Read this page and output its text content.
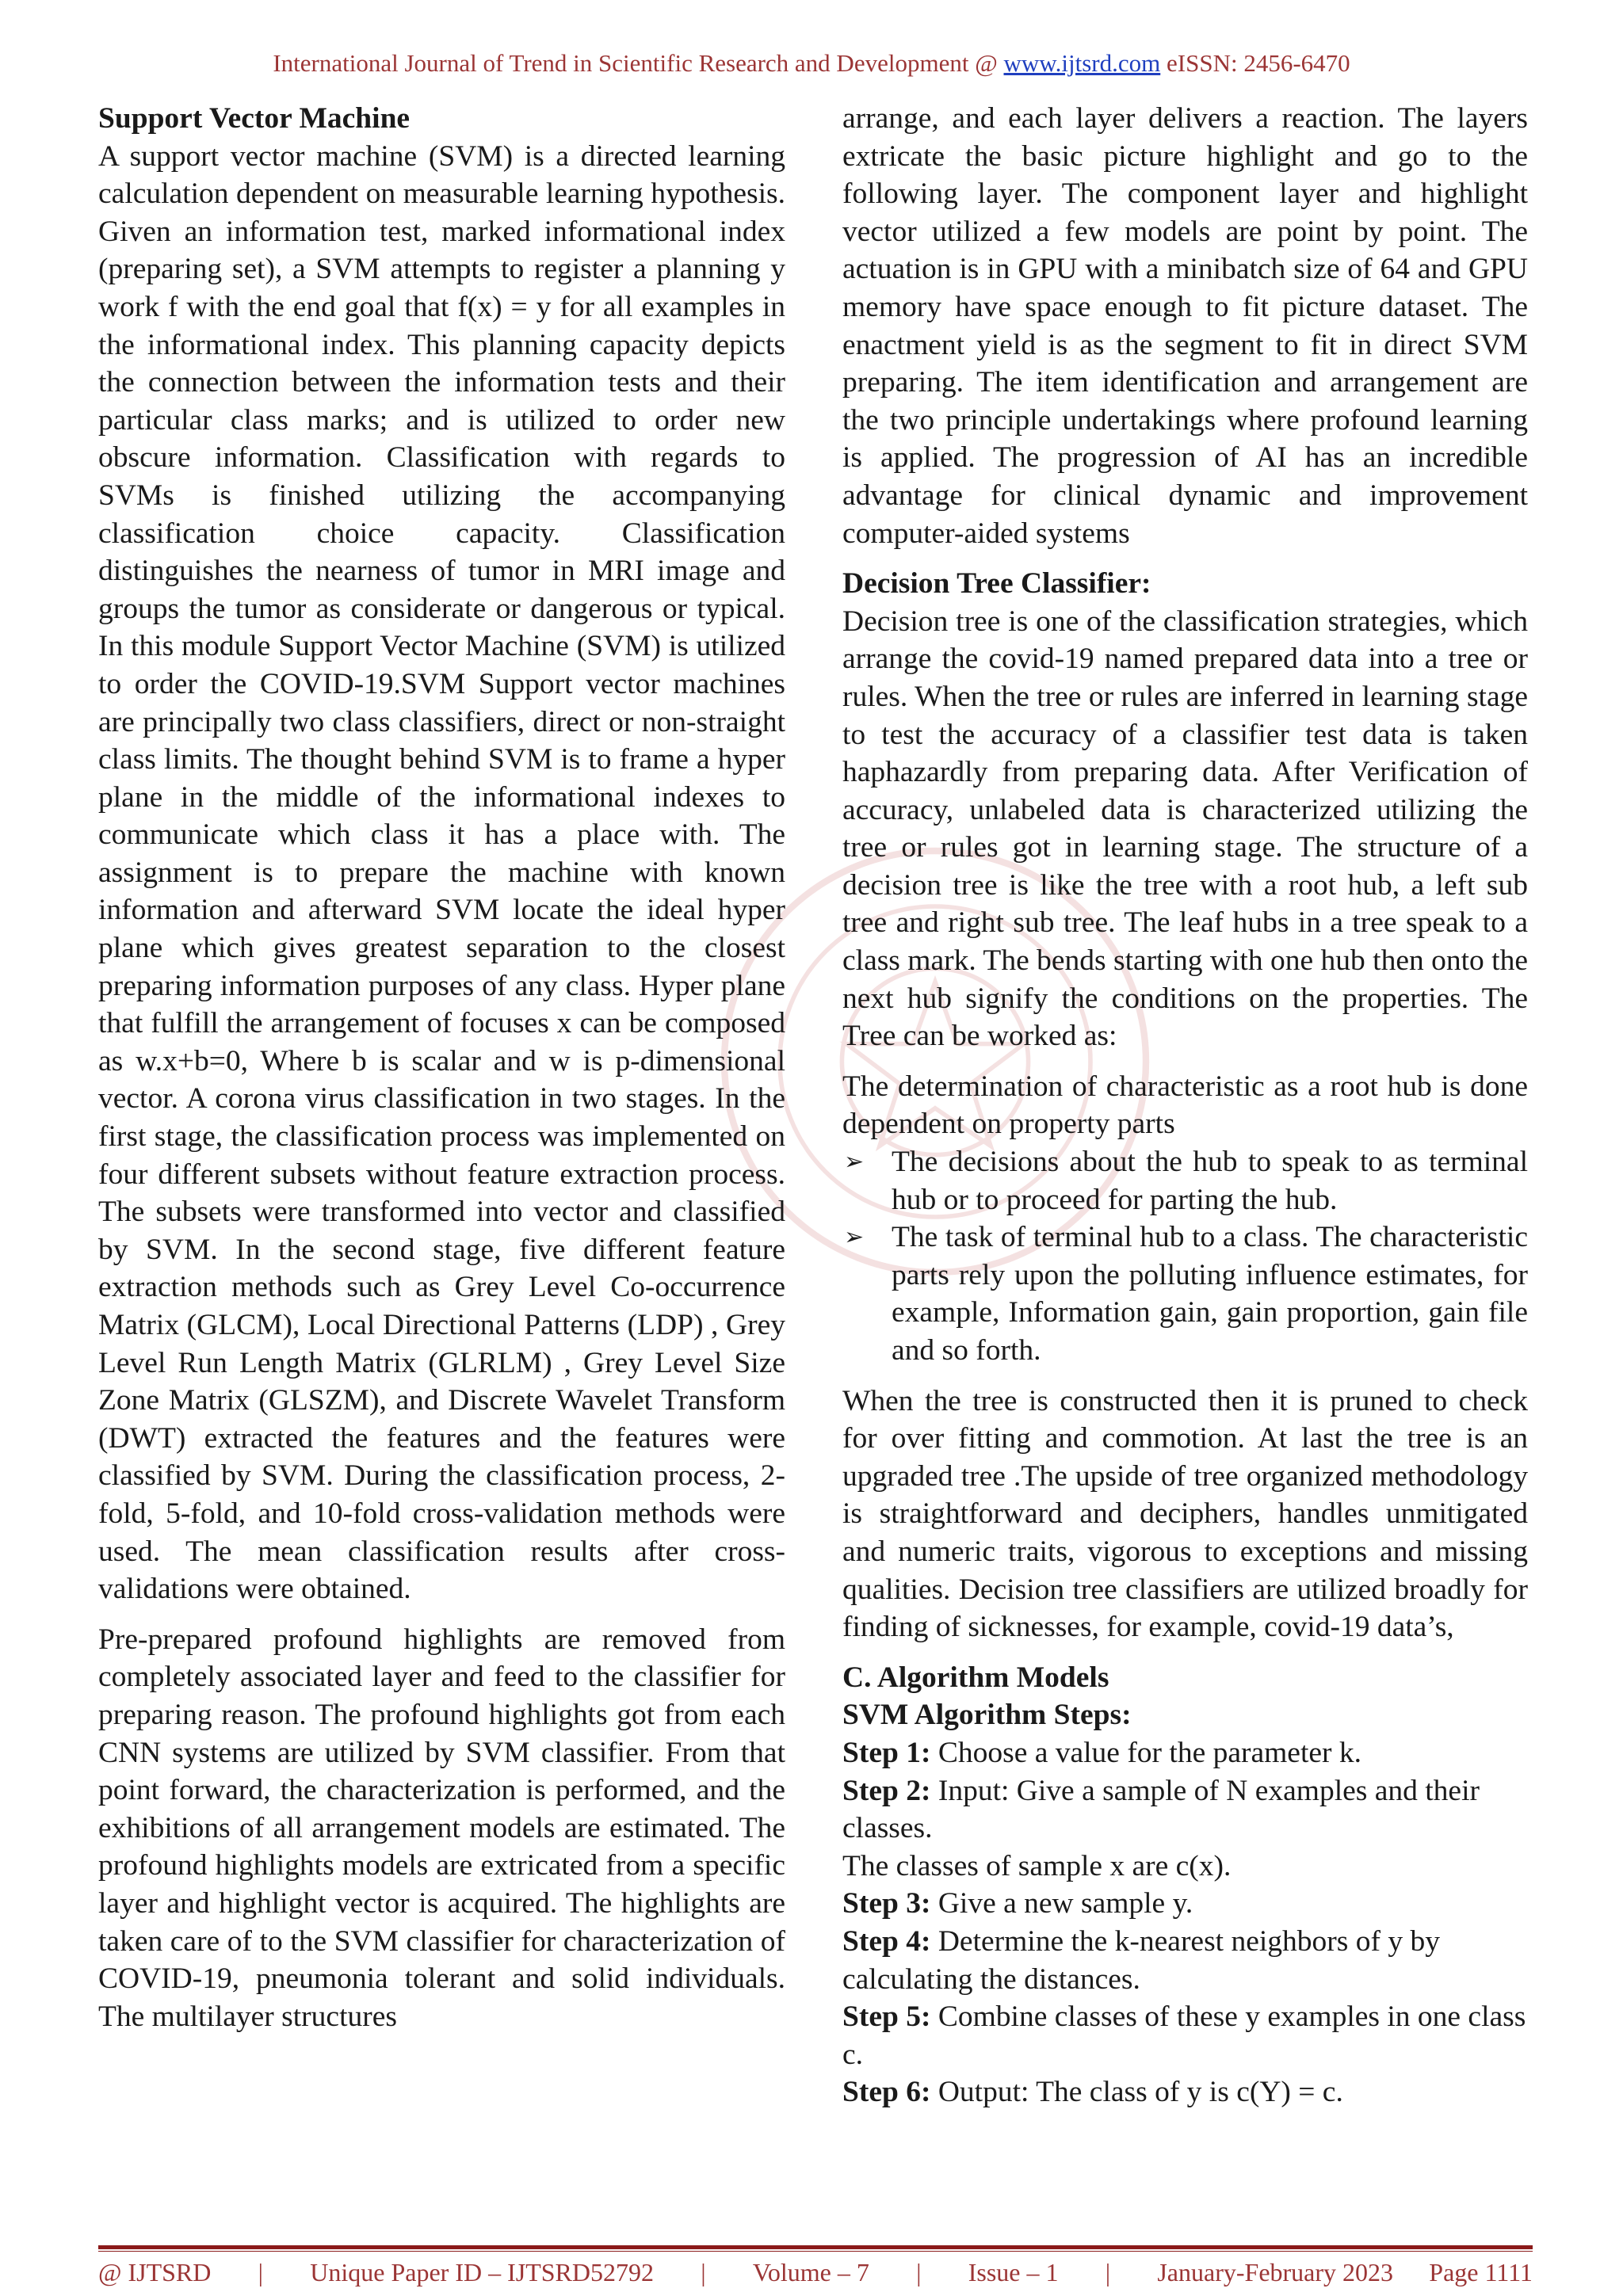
International Journal of Trend in Scientific Research and Development @ www.ijtsrd.com eISSN: 2456-6470
Support Vector Machine

A support vector machine (SVM) is a directed learning calculation dependent on measurable learning hypothesis. Given an information test, marked informational index (preparing set), a SVM attempts to register a planning y work f with the end goal that f(x) = y for all examples in the informational index. This planning capacity depicts the connection between the information tests and their particular class marks; and is utilized to order new obscure information. Classification with regards to SVMs is finished utilizing the accompanying classification choice capacity. Classification distinguishes the nearness of tumor in MRI image and groups the tumor as considerate or dangerous or typical. In this module Support Vector Machine (SVM) is utilized to order the COVID-19.SVM Support vector machines are principally two class classifiers, direct or non-straight class limits. The thought behind SVM is to frame a hyper plane in the middle of the informational indexes to communicate which class it has a place with. The assignment is to prepare the machine with known information and afterward SVM locate the ideal hyper plane which gives greatest separation to the closest preparing information purposes of any class. Hyper plane that fulfill the arrangement of focuses x can be composed as w.x+b=0, Where b is scalar and w is p-dimensional vector. A corona virus classification in two stages. In the first stage, the classification process was implemented on four different subsets without feature extraction process. The subsets were transformed into vector and classified by SVM. In the second stage, five different feature extraction methods such as Grey Level Co-occurrence Matrix (GLCM), Local Directional Patterns (LDP) , Grey Level Run Length Matrix (GLRLM) , Grey Level Size Zone Matrix (GLSZM), and Discrete Wavelet Transform (DWT) extracted the features and the features were classified by SVM. During the classification process, 2-fold, 5-fold, and 10-fold cross-validation methods were used. The mean classification results after cross-validations were obtained.

Pre-prepared profound highlights are removed from completely associated layer and feed to the classifier for preparing reason. The profound highlights got from each CNN systems are utilized by SVM classifier. From that point forward, the characterization is performed, and the exhibitions of all arrangement models are estimated. The profound highlights models are extricated from a specific layer and highlight vector is acquired. The highlights are taken care of to the SVM classifier for characterization of COVID-19, pneumonia tolerant and solid individuals. The multilayer structures

arrange, and each layer delivers a reaction. The layers extricate the basic picture highlight and go to the following layer. The component layer and highlight vector utilized a few models are point by point. The actuation is in GPU with a minibatch size of 64 and GPU memory have space enough to fit picture dataset. The enactment yield is as the segment to fit in direct SVM preparing. The item identification and arrangement are the two principle undertakings where profound learning is applied. The progression of AI has an incredible advantage for clinical dynamic and improvement computer-aided systems

Decision Tree Classifier:

Decision tree is one of the classification strategies, which arrange the covid-19 named prepared data into a tree or rules. When the tree or rules are inferred in learning stage to test the accuracy of a classifier test data is taken haphazardly from preparing data. After Verification of accuracy, unlabeled data is characterized utilizing the tree or rules got in learning stage. The structure of a decision tree is like the tree with a root hub, a left sub tree and right sub tree. The leaf hubs in a tree speak to a class mark. The bends starting with one hub then onto the next hub signify the conditions on the properties. The Tree can be worked as:

The determination of characteristic as a root hub is done dependent on property parts

➢ The decisions about the hub to speak to as terminal hub or to proceed for parting the hub.
➢ The task of terminal hub to a class. The characteristic parts rely upon the polluting influence estimates, for example, Information gain, gain proportion, gain file and so forth.

When the tree is constructed then it is pruned to check for over fitting and commotion. At last the tree is an upgraded tree .The upside of tree organized methodology is straightforward and deciphers, handles unmitigated and numeric traits, vigorous to exceptions and missing qualities. Decision tree classifiers are utilized broadly for finding of sicknesses, for example, covid-19 data’s,

C. Algorithm Models
SVM Algorithm Steps:

Step 1: Choose a value for the parameter k.

Step 2: Input: Give a sample of N examples and their classes.

The classes of sample x are c(x).

Step 3: Give a new sample y.

Step 4: Determine the k-nearest neighbors of y by calculating the distances.

Step 5: Combine classes of these y examples in one class c.

Step 6: Output: The class of y is c(Y) = c.

@ IJTSRD | Unique Paper ID – IJTSRD52792 | Volume – 7 | Issue – 1 | January-February 2023 Page 1111
